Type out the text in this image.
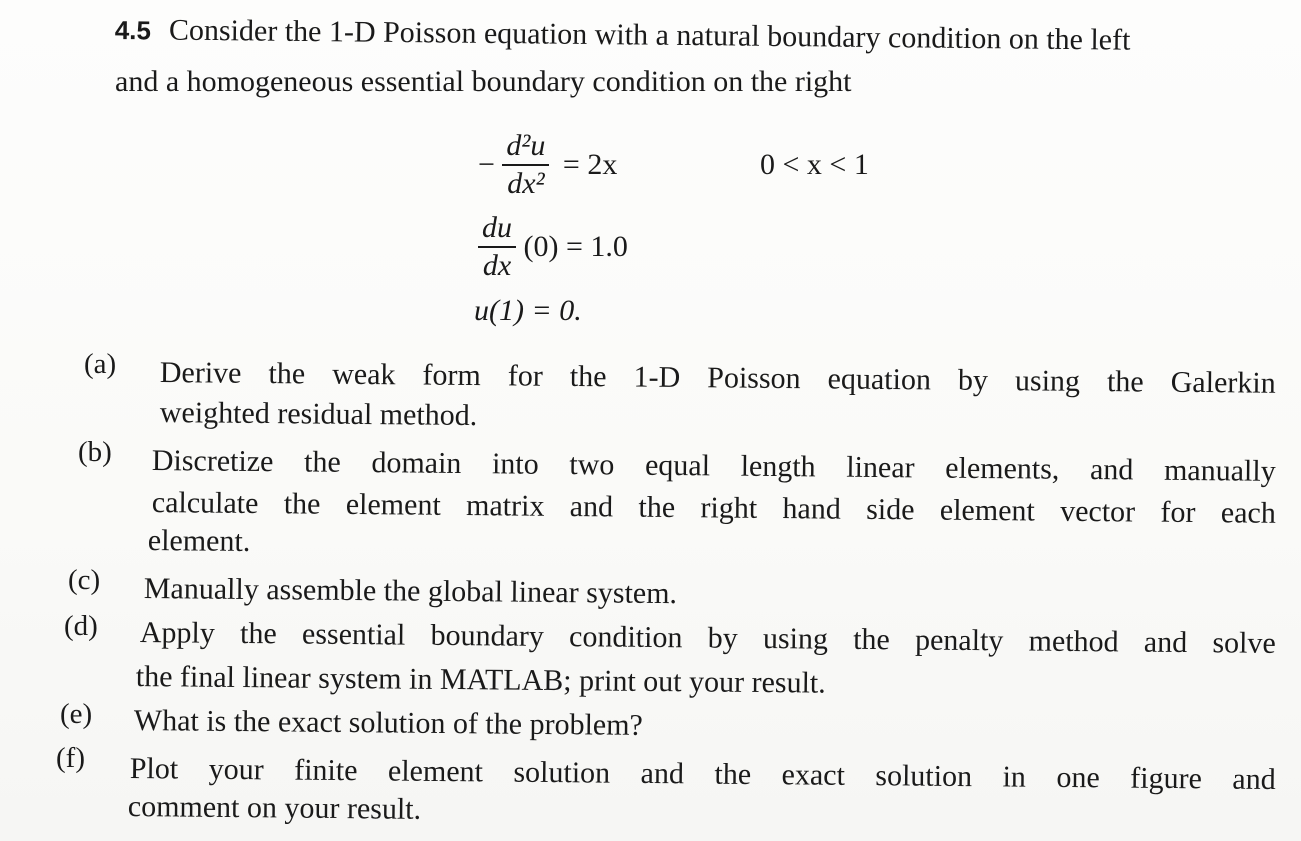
4.5 Consider the 1-D Poisson equation with a natural boundary condition on the left
and a homogeneous essential boundary condition on the right
− $\frac{\text{d²u}}{\text{dx²}} = 2x$	0 < x < 1
$\frac{du}{dx} (0) = 1.0$
u(1) = 0.
(a) Derive the weak form for the 1-D Poisson equation by using the Galerkin
weighted residual method.
(b) Discretize the domain into two equal length linear elements, and manually
calculate the element matrix and the right hand side element vector for each
element.
(c) Manually assemble the global linear system.
(d) Apply the essential boundary condition by using the penalty method and solve
the final linear system in MATLAB; print out your result.
(e) What is the exact solution of the problem?
(f) Plot your finite element solution and the exact solution in one figure and
comment on your result.
